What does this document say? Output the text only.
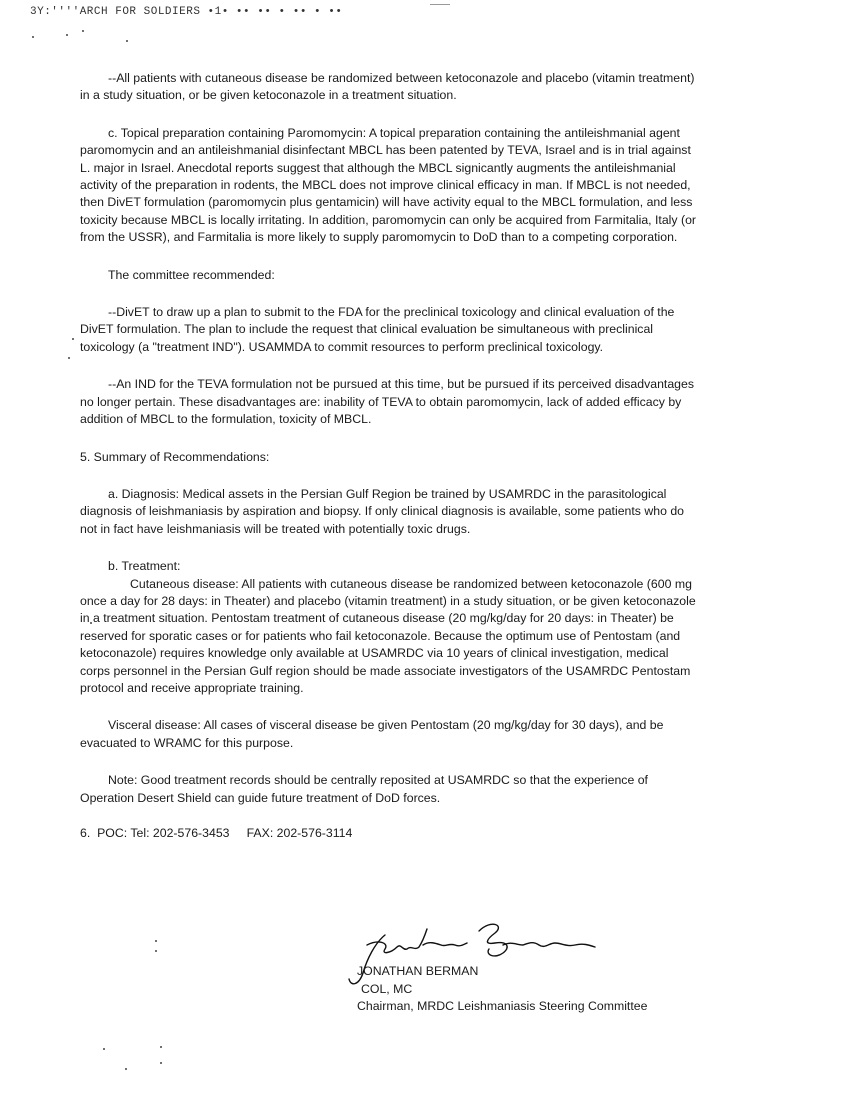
3Y:''''ARCH FOR SOLDIERS •1• •• •• • •• • ••

--All patients with cutaneous disease be randomized between ketoconazole and placebo (vitamin treatment) in a study situation, or be given ketoconazole in a treatment situation.

c. Topical preparation containing Paromomycin: A topical preparation containing the antileishmanial agent paromomycin and an antileishmanial disinfectant MBCL has been patented by TEVA, Israel and is in trial against L. major in Israel. Anecdotal reports suggest that although the MBCL signicantly augments the antileishmanial activity of the preparation in rodents, the MBCL does not improve clinical efficacy in man. If MBCL is not needed, then DivET formulation (paromomycin plus gentamicin) will have activity equal to the MBCL formulation, and less toxicity because MBCL is locally irritating. In addition, paromomycin can only be acquired from Farmitalia, Italy (or from the USSR), and Farmitalia is more likely to supply paromomycin to DoD than to a competing corporation.

The committee recommended:

--DivET to draw up a plan to submit to the FDA for the preclinical toxicology and clinical evaluation of the DivET formulation. The plan to include the request that clinical evaluation be simultaneous with preclinical toxicology (a "treatment IND"). USAMMDA to commit resources to perform preclinical toxicology.

--An IND for the TEVA formulation not be pursued at this time, but be pursued if its perceived disadvantages no longer pertain. These disadvantages are: inability of TEVA to obtain paromomycin, lack of added efficacy by addition of MBCL to the formulation, toxicity of MBCL.

5. Summary of Recommendations:

a. Diagnosis: Medical assets in the Persian Gulf Region be trained by USAMRDC in the parasitological diagnosis of leishmaniasis by aspiration and biopsy. If only clinical diagnosis is available, some patients who do not in fact have leishmaniasis will be treated with potentially toxic drugs.

b. Treatment:

Cutaneous disease: All patients with cutaneous disease be randomized between ketoconazole (600 mg once a day for 28 days: in Theater) and placebo (vitamin treatment) in a study situation, or be given ketoconazole in a treatment situation. Pentostam treatment of cutaneous disease (20 mg/kg/day for 20 days: in Theater) be reserved for sporatic cases or for patients who fail ketoconazole. Because the optimum use of Pentostam (and ketoconazole) requires knowledge only available at USAMRDC via 10 years of clinical investigation, medical corps personnel in the Persian Gulf region should be made associate investigators of the USAMRDC Pentostam protocol and receive appropriate training.

Visceral disease: All cases of visceral disease be given Pentostam (20 mg/kg/day for 30 days), and be evacuated to WRAMC for this purpose.

Note: Good treatment records should be centrally reposited at USAMRDC so that the experience of Operation Desert Shield can guide future treatment of DoD forces.

6.  POC: Tel: 202-576-3453 FAX: 202-576-3114

JONATHAN BERMAN
COL, MC
Chairman, MRDC Leishmaniasis Steering Committee
